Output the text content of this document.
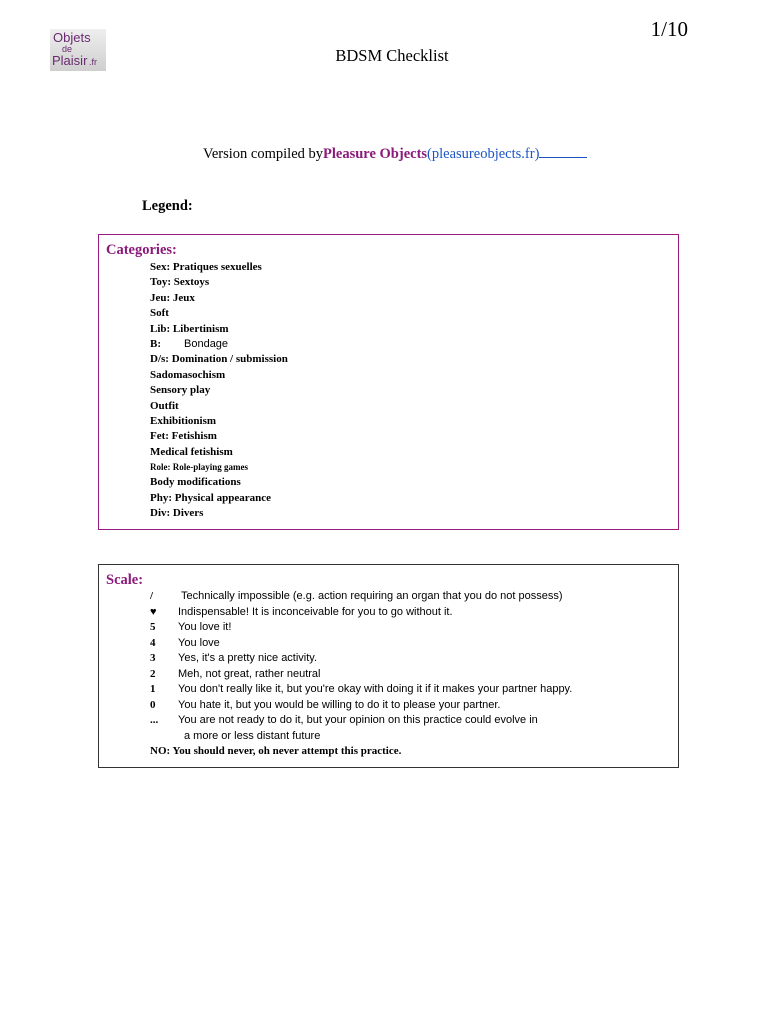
Objets
de
Plaisir .fr
1/10
BDSM Checklist
Version compiled byPleasure Objects(pleasureobjects.fr)
Legend:
Categories:
Sex: Pratiques sexuelles
Toy: Sextoys
Jeu: Jeux
Soft
Lib: Libertinism
B: Bondage
D/s: Domination / submission
Sadomasochism
Sensory play
Outfit
Exhibitionism
Fet: Fetishism
Medical fetishism
Role: Role-playing games
Body modifications
Phy: Physical appearance
Div: Divers
Scale:
/	Technically impossible (e.g. action requiring an organ that you do not possess)
♥	Indispensable! It is inconceivable for you to go without it.
5	You love it!
4	You love
3	Yes, it's a pretty nice activity.
2	Meh, not great, rather neutral
1	You don't really like it, but you're okay with doing it if it makes your partner happy.
0	You hate it, but you would be willing to do it to please your partner.
...	You are not ready to do it, but your opinion on this practice could evolve in
a more or less distant future
NO: You should never, oh never attempt this practice.
